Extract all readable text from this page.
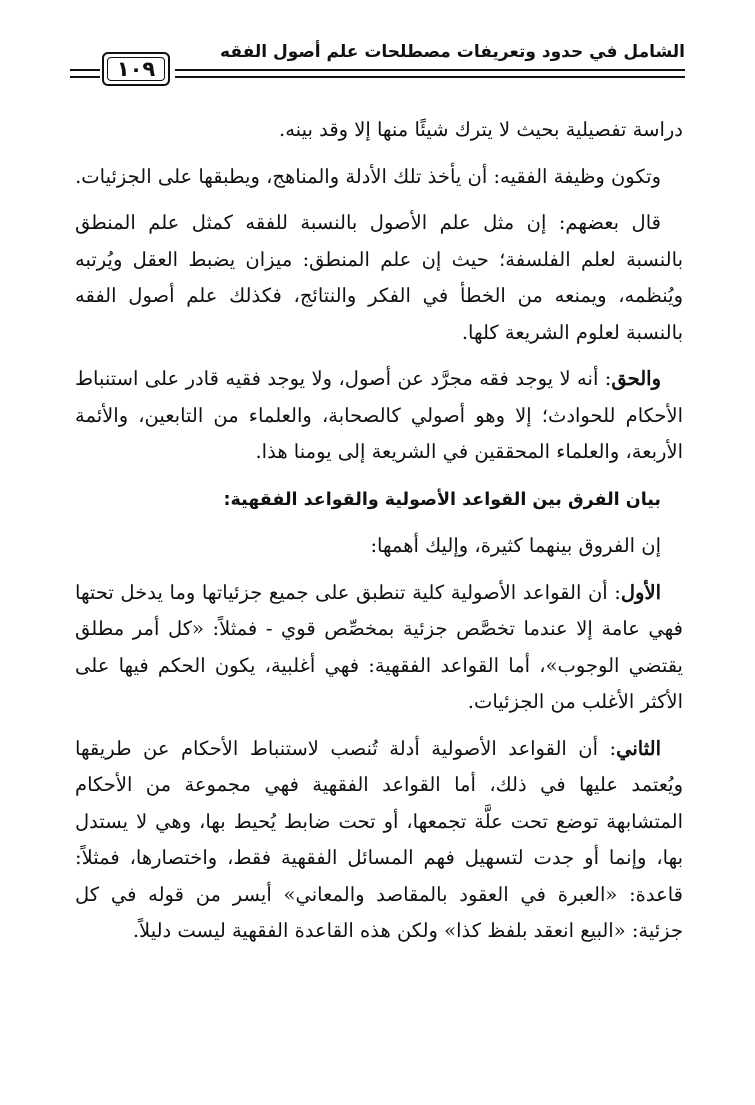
الشامل في حدود وتعريفات مصطلحات علم أصول الفقه
١٠٩

دراسة تفصيلية بحيث لا يترك شيئًا منها إلا وقد بينه.

وتكون وظيفة الفقيه: أن يأخذ تلك الأدلة والمناهج، ويطبقها على الجزئيات.

قال بعضهم: إن مثل علم الأصول بالنسبة للفقه كمثل علم المنطق بالنسبة لعلم الفلسفة؛ حيث إن علم المنطق: ميزان يضبط العقل ويُرتبه ويُنظمه، ويمنعه من الخطأ في الفكر والنتائج، فكذلك علم أصول الفقه بالنسبة لعلوم الشريعة كلها.

والحق: أنه لا يوجد فقه مجرَّد عن أصول، ولا يوجد فقيه قادر على استنباط الأحكام للحوادث؛ إلا وهو أصولي كالصحابة، والعلماء من التابعين، والأئمة الأربعة، والعلماء المحققين في الشريعة إلى يومنا هذا.

بيان الفرق بين القواعد الأصولية والقواعد الفقهية:

إن الفروق بينهما كثيرة، وإليك أهمها:

الأول: أن القواعد الأصولية كلية تنطبق على جميع جزئياتها وما يدخل تحتها فهي عامة إلا عندما تخصَّص جزئية بمخصِّص قوي - فمثلاً: «كل أمر مطلق يقتضي الوجوب»، أما القواعد الفقهية: فهي أغلبية، يكون الحكم فيها على الأكثر الأغلب من الجزئيات.

الثاني: أن القواعد الأصولية أدلة تُنصب لاستنباط الأحكام عن طريقها ويُعتمد عليها في ذلك، أما القواعد الفقهية فهي مجموعة من الأحكام المتشابهة توضع تحت علَّة تجمعها، أو تحت ضابط يُحيط بها، وهي لا يستدل بها، وإنما أو جدت لتسهيل فهم المسائل الفقهية فقط، واختصارها، فمثلاً: قاعدة: «العبرة في العقود بالمقاصد والمعاني» أيسر من قوله في كل جزئية: «البيع انعقد بلفظ كذا» ولكن هذه القاعدة الفقهية ليست دليلاً.
